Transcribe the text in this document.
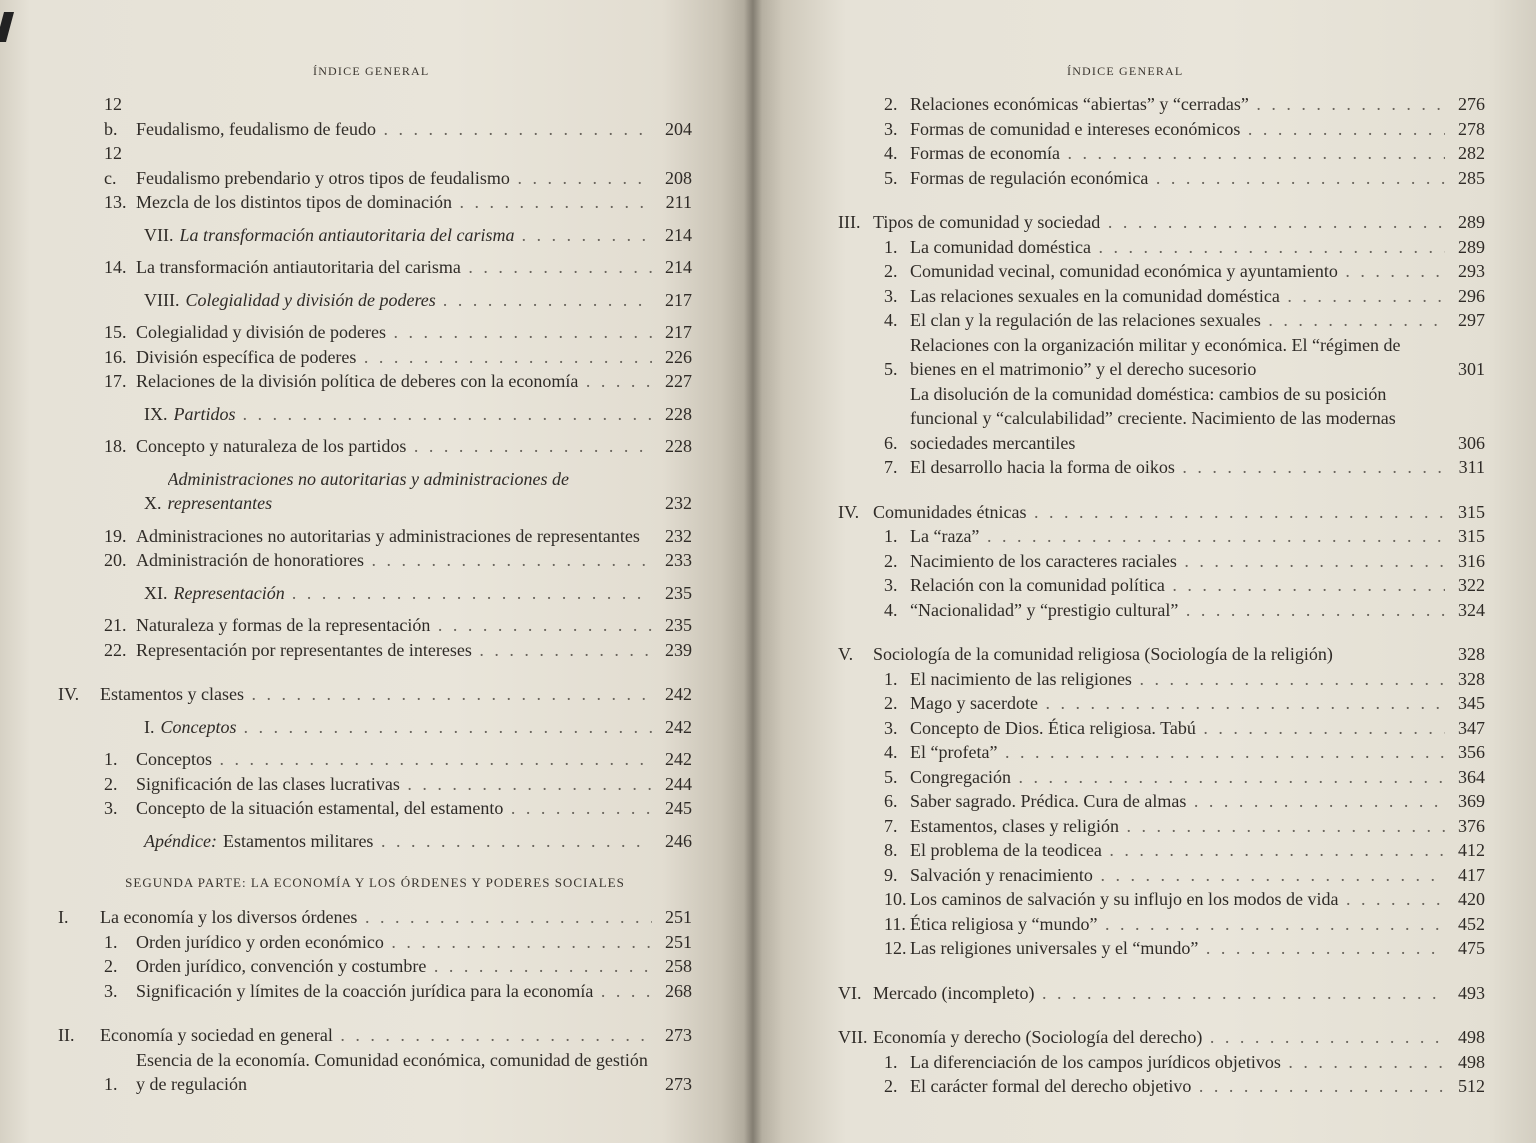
ÍNDICE GENERAL
12 b.	Feudalismo, feudalismo de feudo . . .	204
12 c.	Feudalismo prebendario y otros tipos de feudalismo . . .	208
13. Mezcla de los distintos tipos de dominación . . .	211
VII. La transformación antiautoritaria del carisma . . .	214
14. La transformación antiautoritaria del carisma . . .	214
VIII. Colegialidad y división de poderes . . .	217
15. Colegialidad y división de poderes . . .	217
16. División específica de poderes . . .	226
17. Relaciones de la división política de deberes con la economía . . .	227
IX. Partidos . . .	228
18. Concepto y naturaleza de los partidos . . .	228
X.
Administraciones no autoritarias y administraciones de representantes	232
19. Administraciones no autoritarias y administraciones de representantes	232
20. Administración de honoratiores . . .	233
XI. Representación . . .	235
21. Naturaleza y formas de la representación . . .	235
22. Representación por representantes de intereses . . .	239
IV.	Estamentos y clases . . .	242
I. Conceptos . . .	242
1.	Conceptos . . .	242
2.	Significación de las clases lucrativas . . .	244
3.	Concepto de la situación estamental, del estamento . . .	245
Apéndice: Estamentos militares . . .	246
SEGUNDA PARTE: LA ECONOMÍA Y LOS ÓRDENES Y PODERES SOCIALES
I.	La economía y los diversos órdenes . . .	251
1.	Orden jurídico y orden económico . . .	251
2.	Orden jurídico, convención y costumbre . . .	258
3.	Significación y límites de la coacción jurídica para la economía . . .	268
II.	Economía y sociedad en general . . .	273
1.
Esencia de la economía. Comunidad económica, comunidad de gestión y de regulación	273
ÍNDICE GENERAL
2. Relaciones económicas “abiertas” y “cerradas” . . .	276
3. Formas de comunidad e intereses económicos . . .	278
4. Formas de economía . . .	282
5. Formas de regulación económica . . .	285
III. Tipos de comunidad y sociedad . . .	289
1. La comunidad doméstica . . .	289
2. Comunidad vecinal, comunidad económica y ayuntamiento . . .	293
3. Las relaciones sexuales en la comunidad doméstica . . .	296
4. El clan y la regulación de las relaciones sexuales . . .	297
5.
Relaciones con la organización militar y económica. El “régimen de bienes en el matrimonio” y el derecho sucesorio	301
6.
La disolución de la comunidad doméstica: cambios de su posición funcional y “calculabilidad” creciente. Nacimiento de las modernas sociedades mercantiles	306
7. El desarrollo hacia la forma de oikos . . .	311
IV. Comunidades étnicas . . .	315
1. La “raza” . . .	315
2. Nacimiento de los caracteres raciales . . .	316
3. Relación con la comunidad política . . .	322
4. “Nacionalidad” y “prestigio cultural” . . .	324
V.	Sociología de la comunidad religiosa (Sociología de la religión)	328
1. El nacimiento de las religiones . . .	328
2. Mago y sacerdote . . .	345
3. Concepto de Dios. Ética religiosa. Tabú . . .	347
4. El “profeta” . . .	356
5. Congregación . . .	364
6. Saber sagrado. Prédica. Cura de almas . . .	369
7. Estamentos, clases y religión . . .	376
8. El problema de la teodicea . . .	412
9. Salvación y renacimiento . . .	417
10. Los caminos de salvación y su influjo en los modos de vida . . .	420
11. Ética religiosa y “mundo” . . .	452
12. Las religiones universales y el “mundo” . . .	475
VI. Mercado (incompleto) . . .	493
VII. Economía y derecho (Sociología del derecho) . . .	498
1. La diferenciación de los campos jurídicos objetivos . . .	498
2. El carácter formal del derecho objetivo . . .	512
